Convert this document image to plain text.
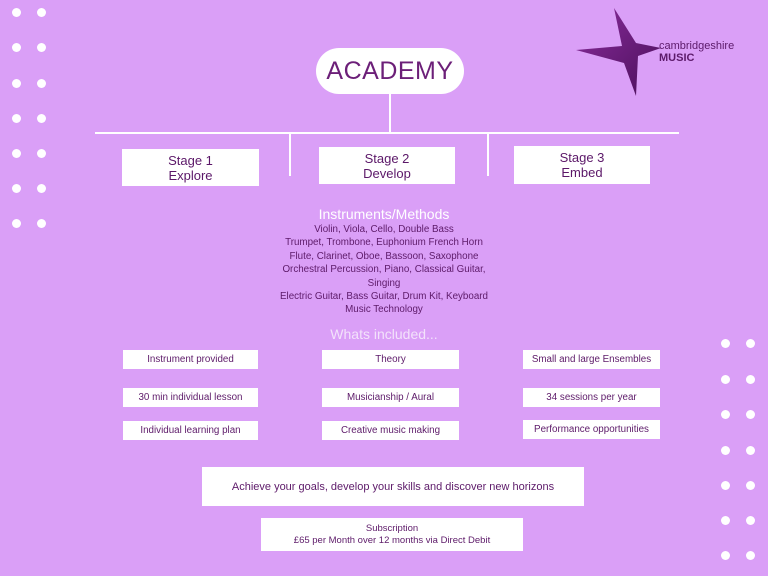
cambridgeshire
MUSIC
ACADEMY
Stage 1
Explore
Stage 2
Develop
Stage 3
Embed
Instruments/Methods
Violin, Viola, Cello, Double Bass
Trumpet, Trombone, Euphonium French Horn
Flute, Clarinet, Oboe, Bassoon, Saxophone
Orchestral Percussion, Piano, Classical Guitar,
Singing
Electric Guitar, Bass Guitar, Drum Kit, Keyboard
Music Technology
Whats included...
Instrument provided	Theory	Small and large Ensembles
30 min individual lesson	Musicianship / Aural	34 sessions per year
Individual learning plan	Creative music making	Performance opportunities
Achieve your goals, develop your skills and discover new horizons
Subscription
£65 per Month over 12 months via Direct Debit
